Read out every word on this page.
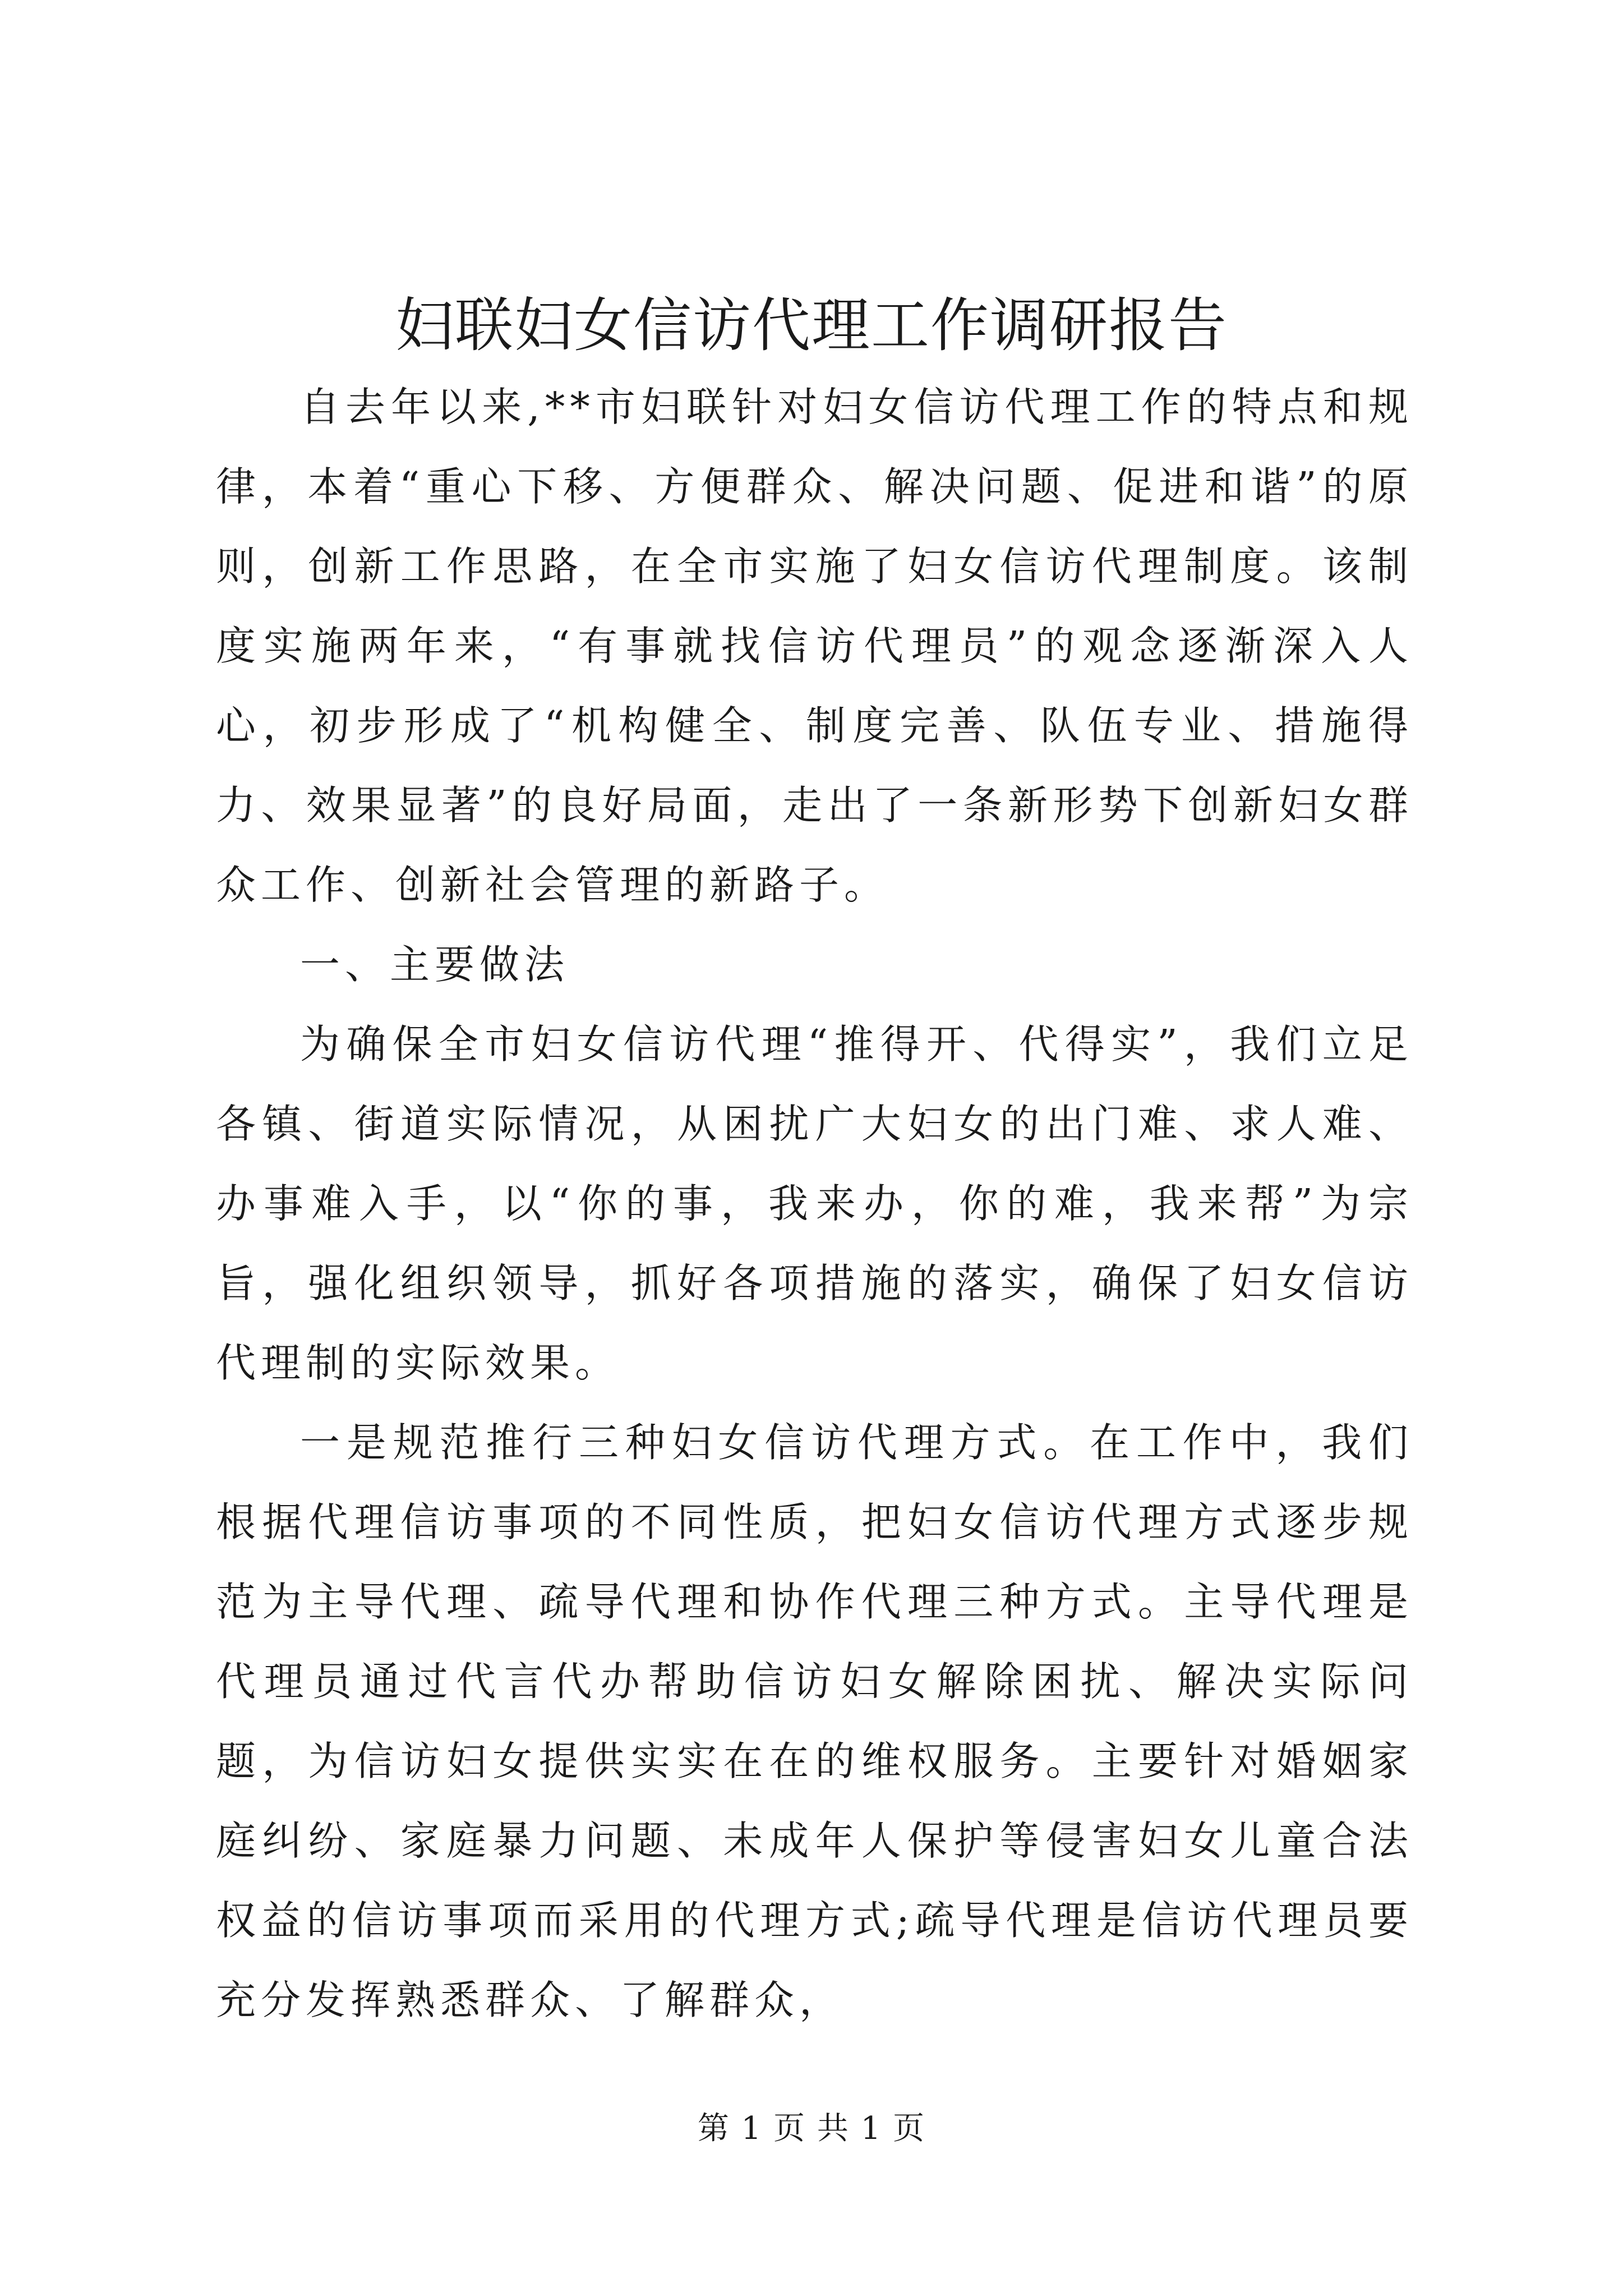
妇联妇女信访代理工作调研报告

自去年以来,**市妇联针对妇女信访代理工作的特点和规律，本着“重心下移、方便群众、解决问题、促进和谐”的原则，创新工作思路，在全市实施了妇女信访代理制度。该制度实施两年来，“有事就找信访代理员”的观念逐渐深入人心，初步形成了“机构健全、制度完善、队伍专业、措施得力、效果显著”的良好局面，走出了一条新形势下创新妇女群众工作、创新社会管理的新路子。

一、主要做法

为确保全市妇女信访代理“推得开、代得实”，我们立足各镇、街道实际情况，从困扰广大妇女的出门难、求人难、办事难入手，以“你的事，我来办，你的难，我来帮”为宗旨，强化组织领导，抓好各项措施的落实，确保了妇女信访代理制的实际效果。

一是规范推行三种妇女信访代理方式。在工作中，我们根据代理信访事项的不同性质，把妇女信访代理方式逐步规范为主导代理、疏导代理和协作代理三种方式。主导代理是代理员通过代言代办帮助信访妇女解除困扰、解决实际问题，为信访妇女提供实实在在的维权服务。主要针对婚姻家庭纠纷、家庭暴力问题、未成年人保护等侵害妇女儿童合法权益的信访事项而采用的代理方式;疏导代理是信访代理员要充分发挥熟悉群众、了解群众，

第 1 页 共 1 页
